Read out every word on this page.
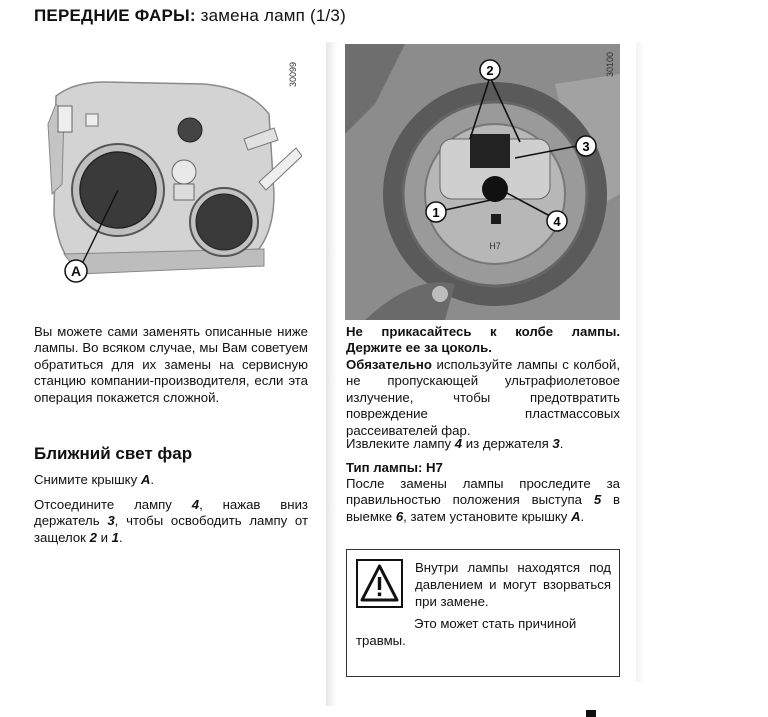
ПЕРЕДНИЕ ФАРЫ: замена ламп (1/3)
A
30099
H7
2
3
1
4
30100
Вы можете сами заменять описанные ниже лампы. Во всяком случае, мы Вам советуем обратиться для их замены на сервисную станцию компании-производителя, если эта операция покажется сложной.
Ближний свет фар
Снимите крышку A.
Отсоедините лампу 4, нажав вниз держатель 3, чтобы освободить лампу от защелок 2 и 1.
Не прикасайтесь к колбе лампы. Держите ее за цоколь.
Обязательно используйте лампы с колбой, не пропускающей ультрафиолетовое излучение, чтобы предотвратить повреждение пластмассовых рассеивателей фар.
Извлеките лампу 4 из держателя 3.
Тип лампы: H7
После замены лампы проследите за правильностью положения выступа 5 в выемке 6, затем установите крышку A.
Внутри лампы находятся под давлением и могут взорваться при замене.
Это может стать причиной травмы.
